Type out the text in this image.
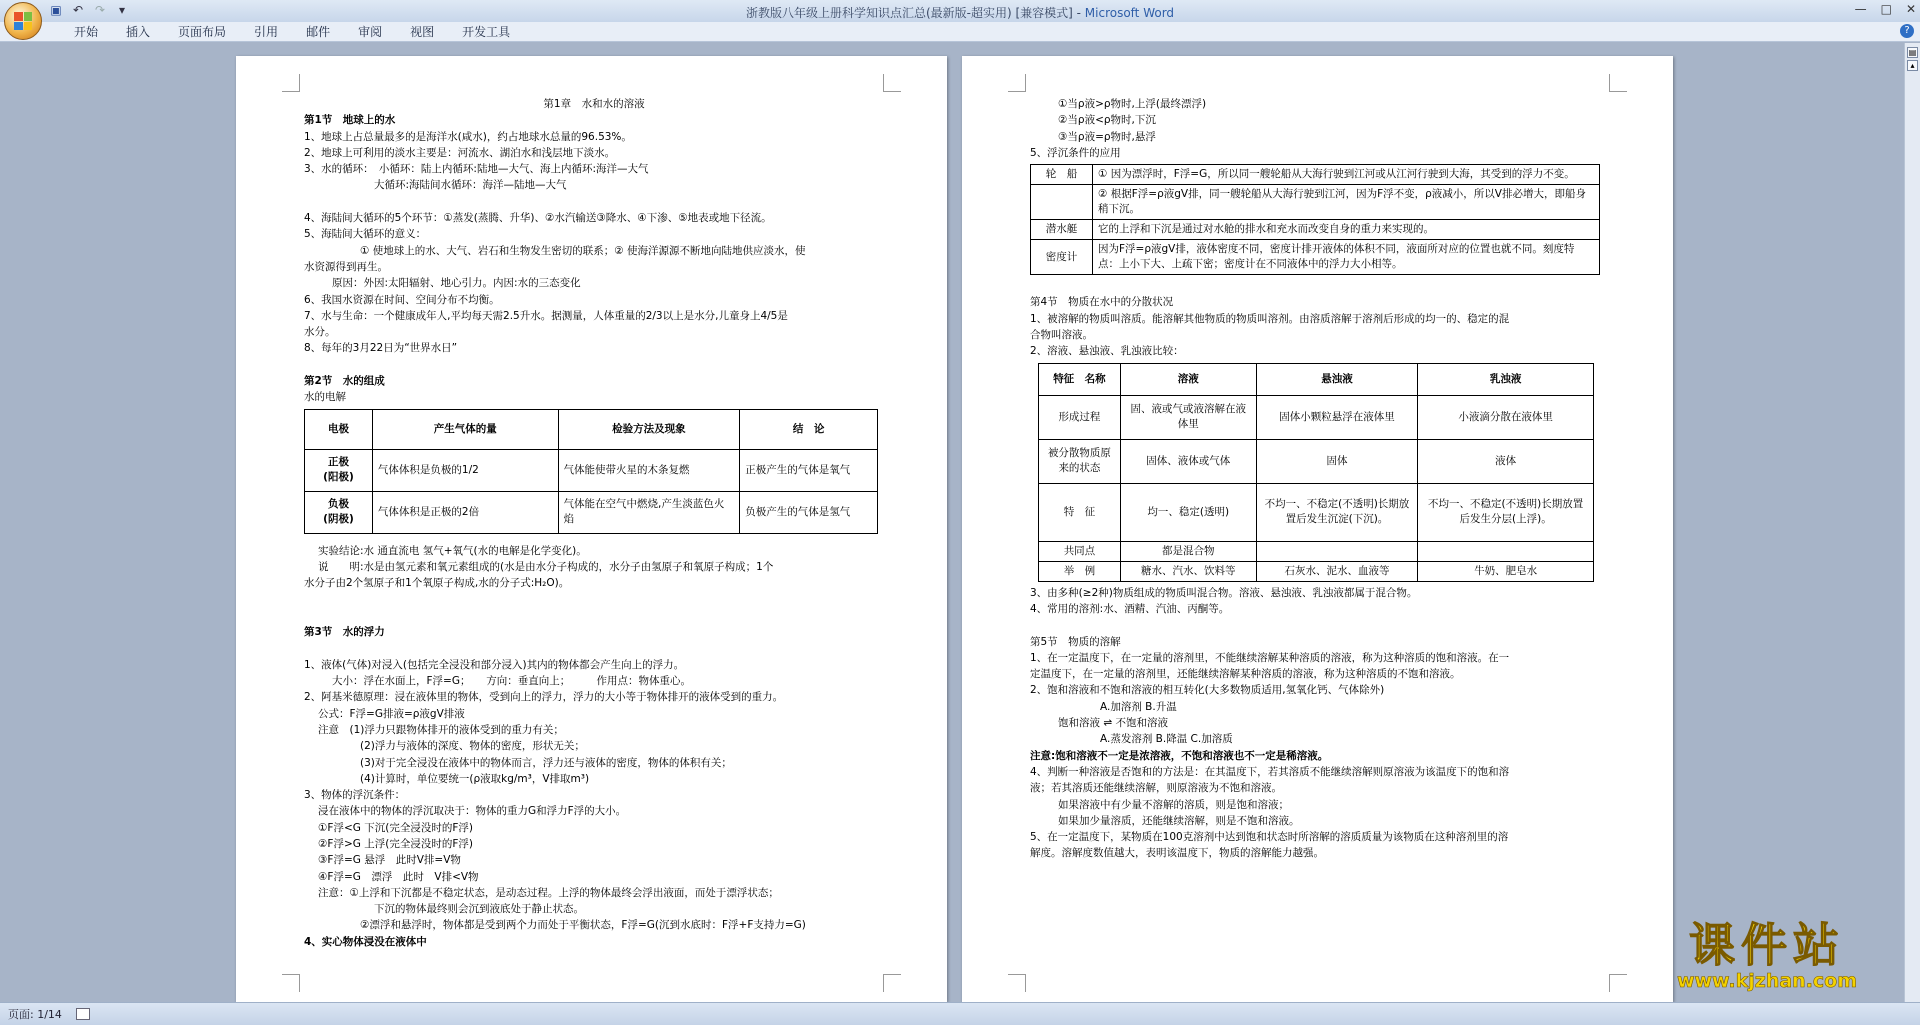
▣ ↶ ↷	▾	浙教版八年级上册科学知识点汇总(最新版-超实用) [兼容模式] - Microsoft Word	— □ ✕
开始	插入	页面布局	引用	邮件	审阅	视图	开发工具	?

第1章　水和水的溶液

第1节　地球上的水

1、地球上占总量最多的是海洋水(咸水)，约占地球水总量的96.53%。

2、地球上可利用的淡水主要是：河流水、湖泊水和浅层地下淡水。

3、水的循环：　小循环：陆上内循环:陆地—大气、海上内循环:海洋—大气

大循环:海陆间水循环：海洋—陆地—大气

4、海陆间大循环的5个环节：①蒸发(蒸腾、升华)、②水汽输送③降水、④下渗、⑤地表或地下径流。

5、海陆间大循环的意义：

① 使地球上的水、大气、岩石和生物发生密切的联系；② 使海洋源源不断地向陆地供应淡水，使

水资源得到再生。

原因：外因:太阳辐射、地心引力。内因:水的三态变化

6、我国水资源在时间、空间分布不均衡。

7、水与生命：一个健康成年人,平均每天需2.5升水。据测量，人体重量的2/3以上是水分,儿童身上4/5是

水分。

8、每年的3月22日为“世界水日”

第2节　水的组成

水的电解

电极	产生气体的量	检验方法及现象	结　论
正极
(阳极)	气体体积是负极的1/2	气体能使带火星的木条复燃	正极产生的气体是氧气
负极
(阴极)	气体体积是正极的2倍	气体能在空气中燃烧,产生淡蓝色火焰	负极产生的气体是氢气

实验结论:水 通直流电 氢气+氧气(水的电解是化学变化)。

说　　明:水是由氢元素和氧元素组成的(水是由水分子构成的，水分子由氢原子和氧原子构成；1个

水分子由2个氢原子和1个氧原子构成,水的分子式:H₂O)。

第3节　水的浮力

1、液体(气体)对浸入(包括完全浸没和部分浸入)其内的物体都会产生向上的浮力。

大小：浮在水面上，F浮=G；　　方向：垂直向上；　　　作用点：物体重心。

2、阿基米德原理：浸在液体里的物体，受到向上的浮力，浮力的大小等于物体排开的液体受到的重力。

公式：F浮=G排液=ρ液gV排液

注意　(1)浮力只跟物体排开的液体受到的重力有关；

(2)浮力与液体的深度、物体的密度，形状无关；

(3)对于完全浸没在液体中的物体而言，浮力还与液体的密度，物体的体积有关；

(4)计算时，单位要统一(ρ液取kg/m³，V排取m³)

3、物体的浮沉条件：

浸在液体中的物体的浮沉取决于：物体的重力G和浮力F浮的大小。

①F浮<G 下沉(完全浸没时的F浮)

②F浮>G 上浮(完全浸没时的F浮)

③F浮=G 悬浮　此时V排=V物

④F浮=G　漂浮　此时　V排<V物

注意：①上浮和下沉都是不稳定状态，是动态过程。上浮的物体最终会浮出液面，而处于漂浮状态；

下沉的物体最终则会沉到液底处于静止状态。

②漂浮和悬浮时，物体都是受到两个力而处于平衡状态，F浮=G(沉到水底时：F浮+F支持力=G)

4、实心物体浸没在液体中

①当ρ液>ρ物时,上浮(最终漂浮)

②当ρ液<ρ物时,下沉

③当ρ液=ρ物时,悬浮

5、浮沉条件的应用

轮　船	① 因为漂浮时，F浮=G，所以同一艘轮船从大海行驶到江河或从江河行驶到大海，其受到的浮力不变。
	② 根据F浮=ρ液gV排，同一艘轮船从大海行驶到江河，因为F浮不变，ρ液减小，所以V排必增大，即船身稍下沉。
潜水艇	它的上浮和下沉是通过对水舱的排水和充水而改变自身的重力来实现的。
密度计	因为F浮=ρ液gV排，液体密度不同，密度计排开液体的体积不同，液面所对应的位置也就不同。刻度特点：上小下大、上疏下密；密度计在不同液体中的浮力大小相等。

第4节　物质在水中的分散状况

1、被溶解的物质叫溶质。能溶解其他物质的物质叫溶剂。由溶质溶解于溶剂后形成的均一的、稳定的混

合物叫溶液。

2、溶液、悬浊液、乳浊液比较：

特征　名称	溶液	悬浊液	乳浊液
形成过程	固、液或气或液溶解在液体里	固体小颗粒悬浮在液体里	小液滴分散在液体里
被分散物质原来的状态	固体、液体或气体	固体	液体
特　征	均一、稳定(透明)	不均一、不稳定(不透明)长期放置后发生沉淀(下沉)。	不均一、不稳定(不透明)长期放置后发生分层(上浮)。
共同点	都是混合物		
举　例	糖水、汽水、饮料等	石灰水、泥水、血液等	牛奶、肥皂水

3、由多种(≥2种)物质组成的物质叫混合物。溶液、悬浊液、乳浊液都属于混合物。

4、常用的溶剂:水、酒精、汽油、丙酮等。

第5节　物质的溶解

1、在一定温度下，在一定量的溶剂里，不能继续溶解某种溶质的溶液，称为这种溶质的饱和溶液。在一

定温度下，在一定量的溶剂里，还能继续溶解某种溶质的溶液，称为这种溶质的不饱和溶液。

2、饱和溶液和不饱和溶液的相互转化(大多数物质适用,氢氧化钙、气体除外)

A.加溶剂 B.升温

饱和溶液 ⇌ 不饱和溶液

A.蒸发溶剂 B.降温 C.加溶质

注意:饱和溶液不一定是浓溶液，不饱和溶液也不一定是稀溶液。

4、判断一种溶液是否饱和的方法是：在其温度下，若其溶质不能继续溶解则原溶液为该温度下的饱和溶

液；若其溶质还能继续溶解，则原溶液为不饱和溶液。

如果溶液中有少量不溶解的溶质，则是饱和溶液；

如果加少量溶质，还能继续溶解，则是不饱和溶液。

5、在一定温度下，某物质在100克溶剂中达到饱和状态时所溶解的溶质质量为该物质在这种溶剂里的溶

解度。溶解度数值越大，表明该温度下，物质的溶解能力越强。

▤
▴
课件站
www.kjzhan.com
页面: 1/14
